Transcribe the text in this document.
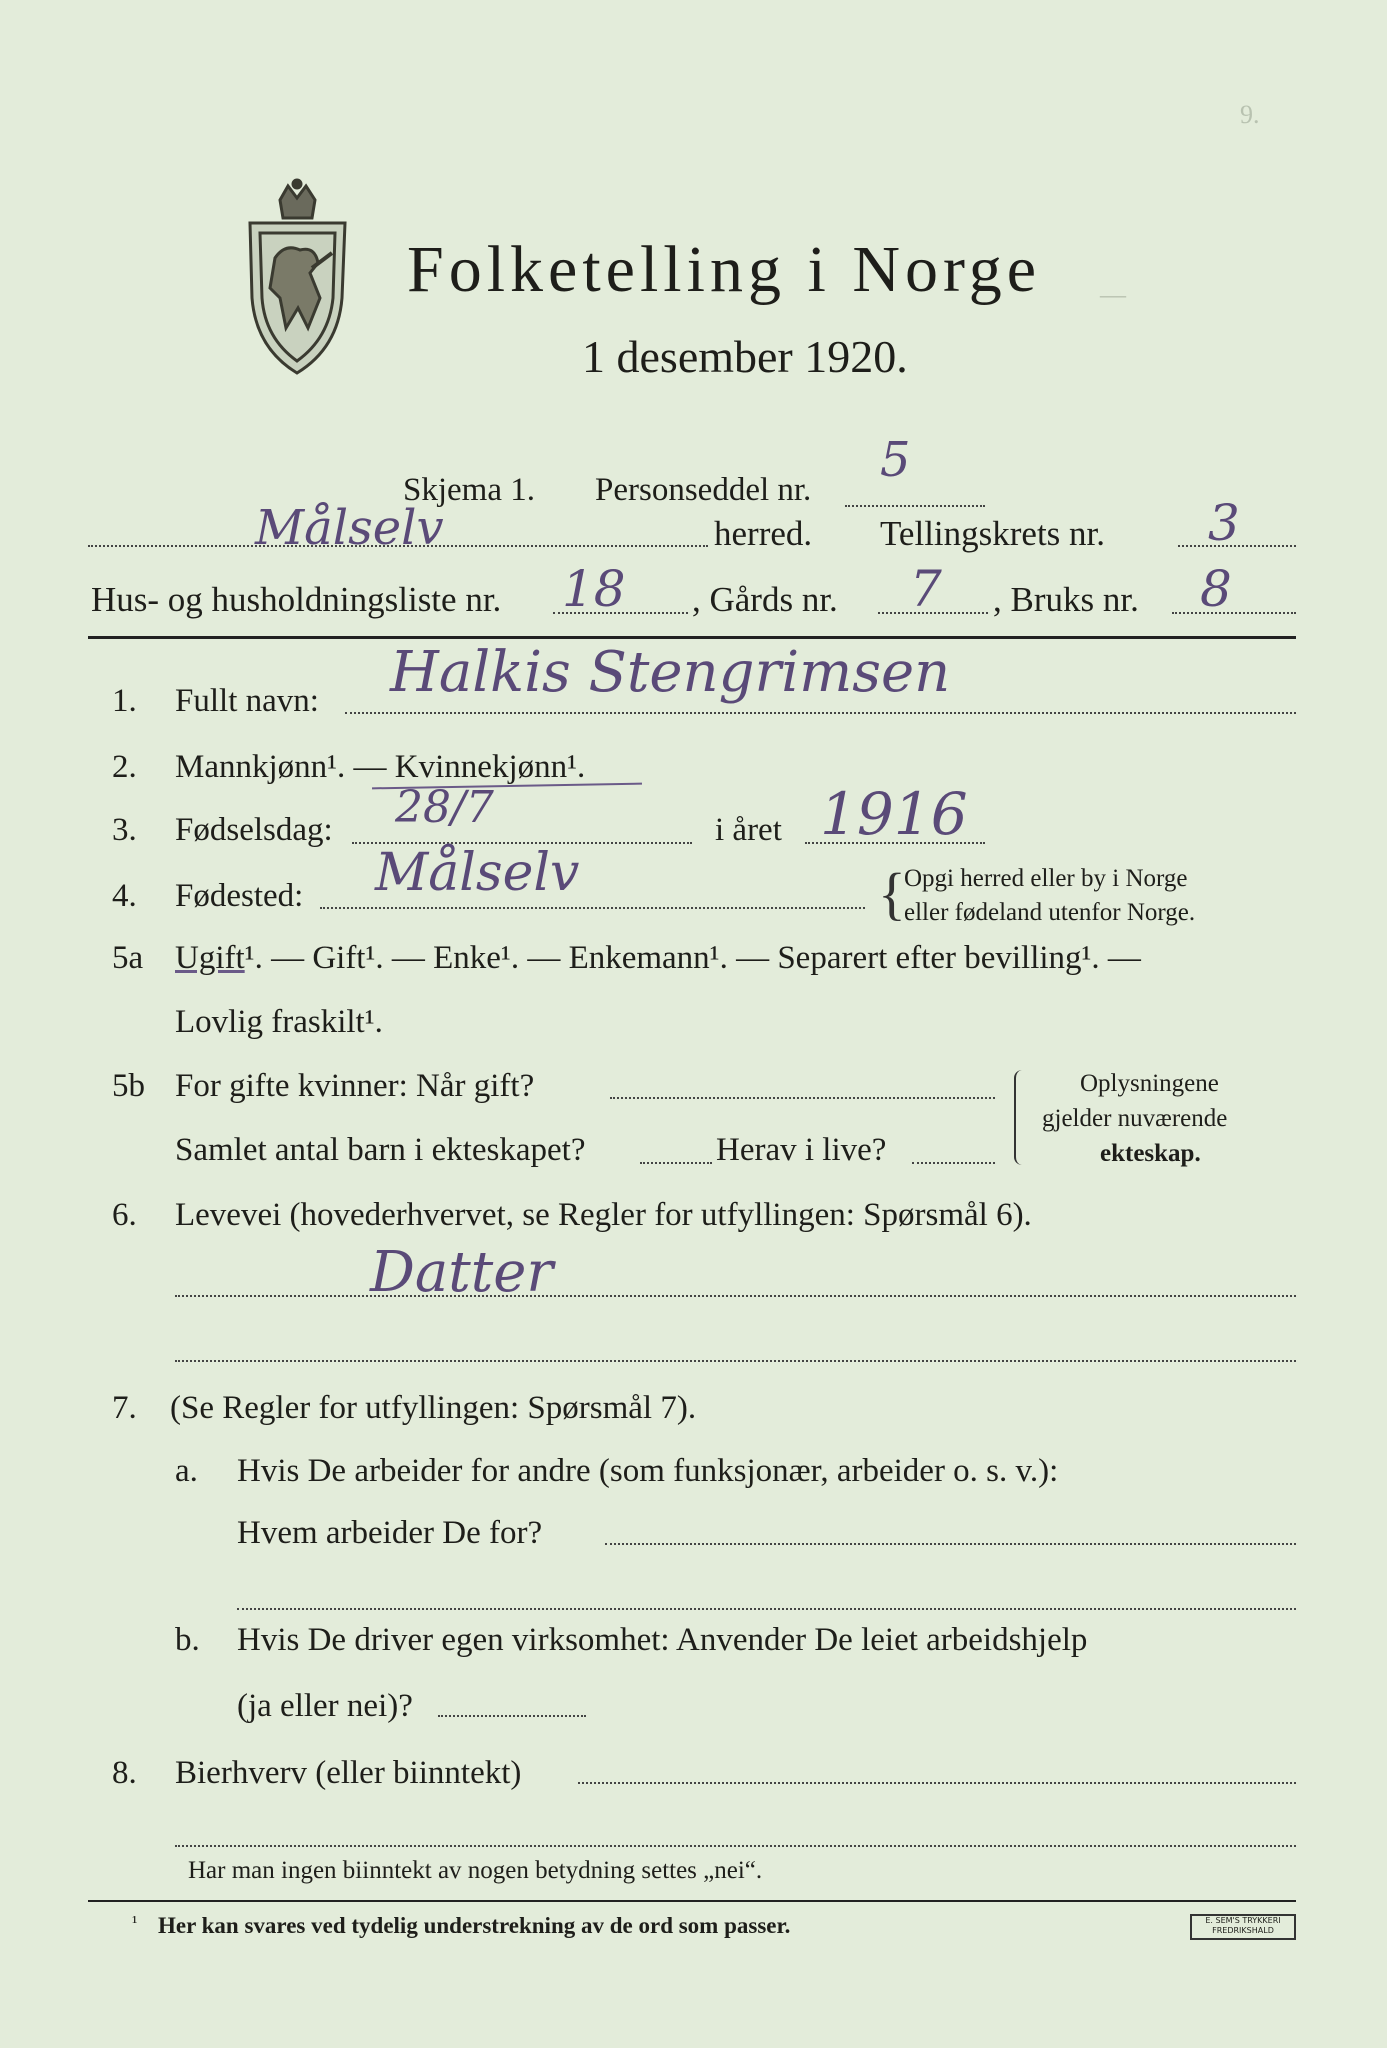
9.
—
Folketelling i Norge
1 desember 1920.
Skjema 1. Personseddel nr.
5
Målselv	herred. Tellingskrets nr. 3
Hus- og husholdningsliste nr. 18 , Gårds nr. 7 , Bruks nr. 8
1. Fullt navn: Halkis Stengrimsen
2. Mannkjønn¹. — Kvinnekjønn¹.
3. Fødselsdag: 28/7	i året 1916
4. Fødested: Målselv	{
Opgi herred eller by i Norge
eller fødeland utenfor Norge.
5a Ugift¹. — Gift¹. — Enke¹. — Enkemann¹. — Separert efter bevilling¹. —
Lovlig fraskilt¹.
5b For gifte kvinner: Når gift?
Samlet antal barn i ekteskapet?	Herav i live?
Oplysningene
gjelder nuværende
ekteskap.
6. Levevei (hovederhvervet, se Regler for utfyllingen: Spørsmål 6).
Datter
7. (Se Regler for utfyllingen: Spørsmål 7).
a. Hvis De arbeider for andre (som funksjonær, arbeider o. s. v.):
Hvem arbeider De for?
b. Hvis De driver egen virksomhet: Anvender De leiet arbeidshjelp
(ja eller nei)?
8. Bierhverv (eller biinntekt)
Har man ingen biinntekt av nogen betydning settes „nei“.
¹ Her kan svares ved tydelig understrekning av de ord som passer.	E. SEM'S TRYKKERI FREDRIKSHALD
